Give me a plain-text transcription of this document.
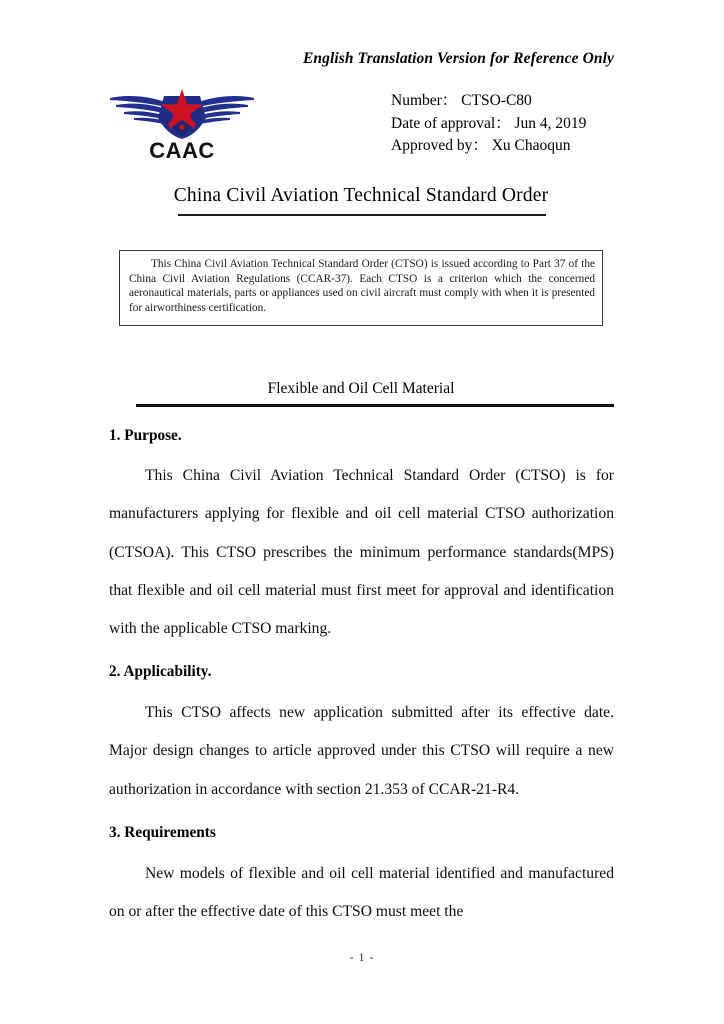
English Translation Version for Reference Only
CAAC
Number： CTSO-C80
Date of approval： Jun 4, 2019
Approved by： Xu Chaoqun
China Civil Aviation Technical Standard Order
This China Civil Aviation Technical Standard Order (CTSO) is issued according to Part 37 of the China Civil Aviation Regulations (CCAR-37). Each CTSO is a criterion which the concerned aeronautical materials, parts or appliances used on civil aircraft must comply with when it is presented for airworthiness certification.
Flexible and Oil Cell Material
1. Purpose.
This China Civil Aviation Technical Standard Order (CTSO) is for manufacturers applying for flexible and oil cell material CTSO authorization (CTSOA). This CTSO prescribes the minimum performance standards(MPS) that flexible and oil cell material must first meet for approval and identification with the applicable CTSO marking.
2. Applicability.
This CTSO affects new application submitted after its effective date. Major design changes to article approved under this CTSO will require a new authorization in accordance with section 21.353 of CCAR-21-R4.
3. Requirements
New models of flexible and oil cell material identified and manufactured on or after the effective date of this CTSO must meet the
- 1 -
